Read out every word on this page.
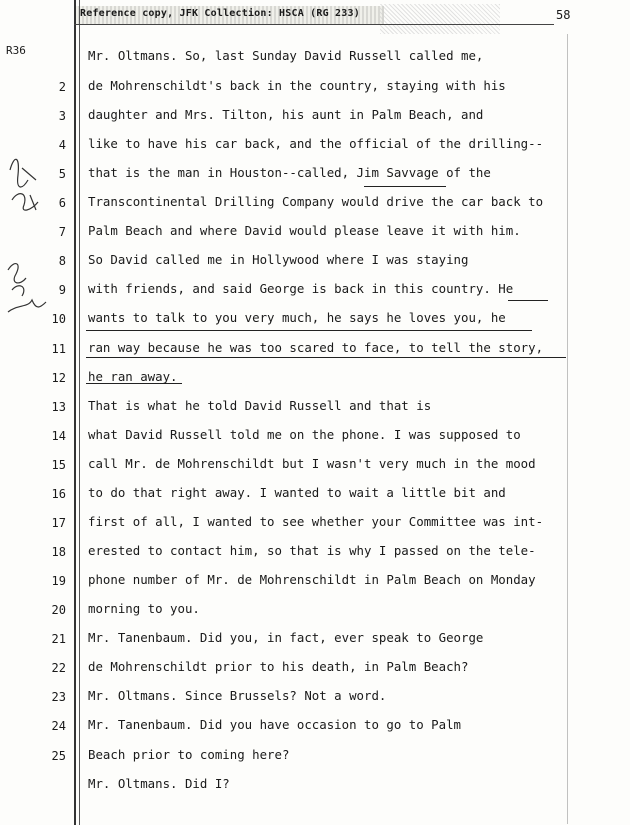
Reference copy, JFK Collection: HSCA (RG 233)	58
R36	Mr. Oltmans. So, last Sunday David Russell called me,
2 de Mohrenschildt's back in the country, staying with his
3 daughter and Mrs. Tilton, his aunt in Palm Beach, and
4 like to have his car back, and the official of the drilling--
5 that is the man in Houston--called, Jim Savvage of the
6 Transcontinental Drilling Company would drive the car back to
7 Palm Beach and where David would please leave it with him.
8 So David called me in Hollywood where I was staying
9 with friends, and said George is back in this country. He
10 wants to talk to you very much, he says he loves you, he
11 ran way because he was too scared to face, to tell the story,
12 he ran away.
13 That is what he told David Russell and that is
14 what David Russell told me on the phone. I was supposed to
15 call Mr. de Mohrenschildt but I wasn't very much in the mood
16 to do that right away. I wanted to wait a little bit and
17 first of all, I wanted to see whether your Committee was int-
18 erested to contact him, so that is why I passed on the tele-
19 phone number of Mr. de Mohrenschildt in Palm Beach on Monday
20 morning to you.
21 Mr. Tanenbaum. Did you, in fact, ever speak to George
22 de Mohrenschildt prior to his death, in Palm Beach?
23 Mr. Oltmans. Since Brussels? Not a word.
24 Mr. Tanenbaum. Did you have occasion to go to Palm
25 Beach prior to coming here?
Mr. Oltmans. Did I?
